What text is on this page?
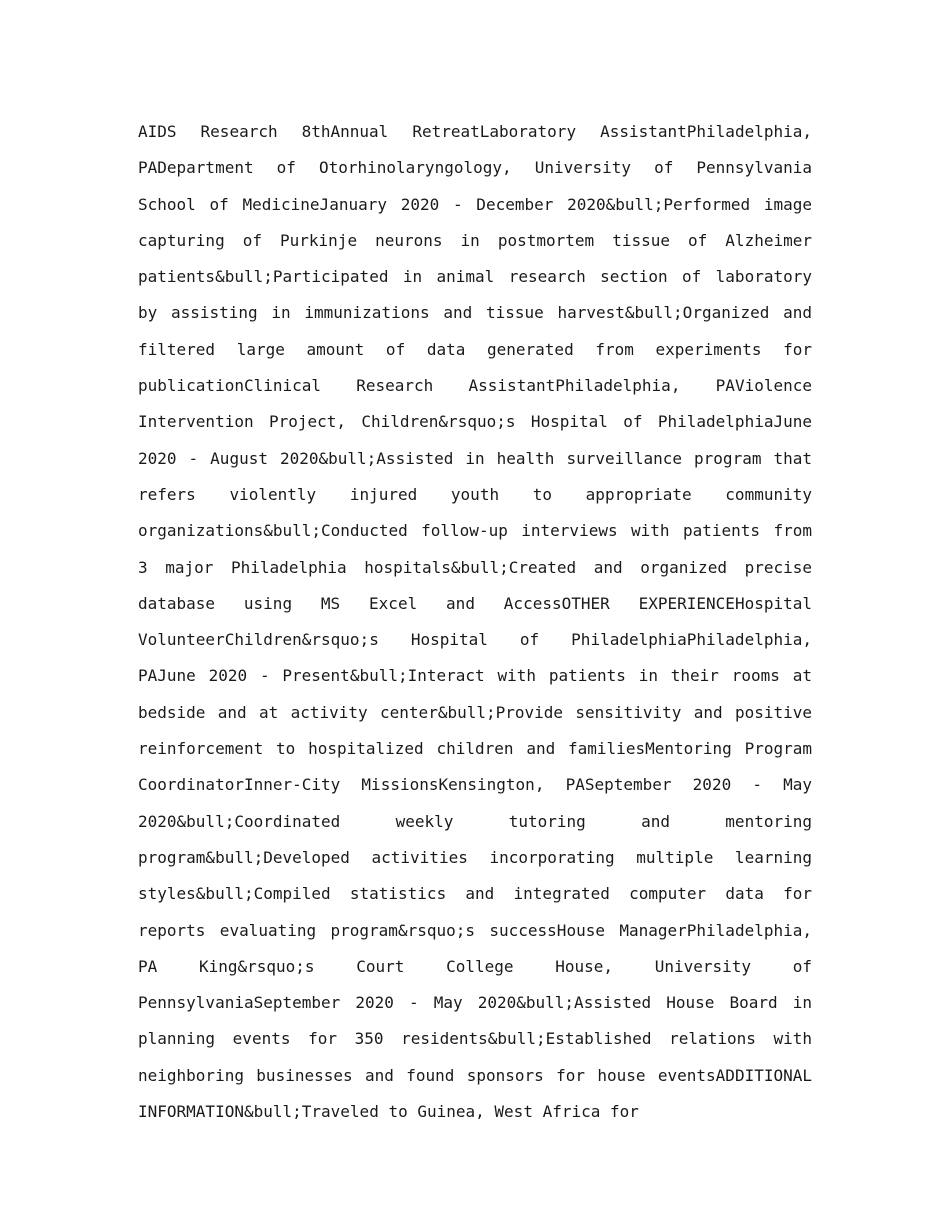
AIDS Research 8thAnnual RetreatLaboratory AssistantPhiladelphia, PADepartment of Otorhinolaryngology, University of Pennsylvania School of MedicineJanuary 2020 - December 2020&bull;Performed image capturing of Purkinje neurons in postmortem tissue of Alzheimer patients&bull;Participated in animal research section of laboratory by assisting in immunizations and tissue harvest&bull;Organized and filtered large amount of data generated from experiments for publicationClinical Research AssistantPhiladelphia, PAViolence Intervention Project, Children&rsquo;s Hospital of PhiladelphiaJune 2020 - August 2020&bull;Assisted in health surveillance program that refers violently injured youth to appropriate community organizations&bull;Conducted follow-up interviews with patients from 3 major Philadelphia hospitals&bull;Created and organized precise database using MS Excel and AccessOTHER EXPERIENCEHospital VolunteerChildren&rsquo;s Hospital of PhiladelphiaPhiladelphia, PAJune 2020 - Present&bull;Interact with patients in their rooms at bedside and at activity center&bull;Provide sensitivity and positive reinforcement to hospitalized children and familiesMentoring Program CoordinatorInner-City MissionsKensington, PASeptember 2020 - May 2020&bull;Coordinated weekly tutoring and mentoring program&bull;Developed activities incorporating multiple learning styles&bull;Compiled statistics and integrated computer data for reports evaluating program&rsquo;s successHouse ManagerPhiladelphia, PA King&rsquo;s Court College House, University of PennsylvaniaSeptember 2020 - May 2020&bull;Assisted House Board in planning events for 350 residents&bull;Established relations with neighboring businesses and found sponsors for house eventsADDITIONAL INFORMATION&bull;Traveled to Guinea, West Africa for
